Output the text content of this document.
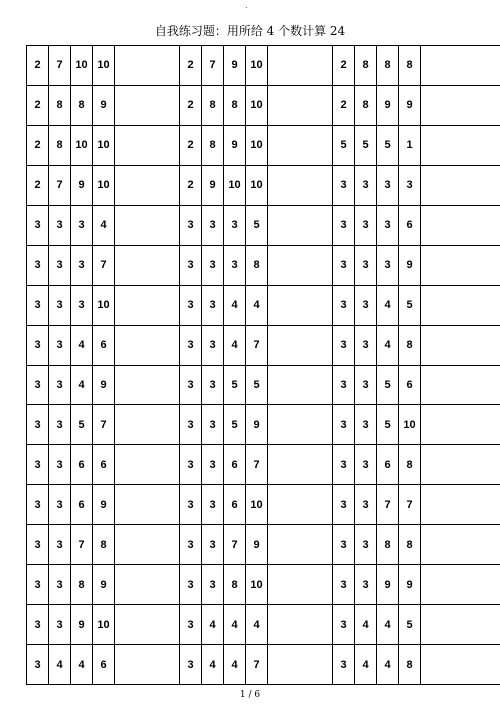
.
自我练习题：用所给 4 个数计算 24
2	7	10	10		2	7	9	10		2	8	8	8	
2	8	8	9		2	8	8	10		2	8	9	9	
2	8	10	10		2	8	9	10		5	5	5	1	
2	7	9	10		2	9	10	10		3	3	3	3	
3	3	3	4		3	3	3	5		3	3	3	6	
3	3	3	7		3	3	3	8		3	3	3	9	
3	3	3	10		3	3	4	4		3	3	4	5	
3	3	4	6		3	3	4	7		3	3	4	8	
3	3	4	9		3	3	5	5		3	3	5	6	
3	3	5	7		3	3	5	9		3	3	5	10	
3	3	6	6		3	3	6	7		3	3	6	8	
3	3	6	9		3	3	6	10		3	3	7	7	
3	3	7	8		3	3	7	9		3	3	8	8	
3	3	8	9		3	3	8	10		3	3	9	9	
3	3	9	10		3	4	4	4		3	4	4	5	
3	4	4	6		3	4	4	7		3	4	4	8	
1 / 6
